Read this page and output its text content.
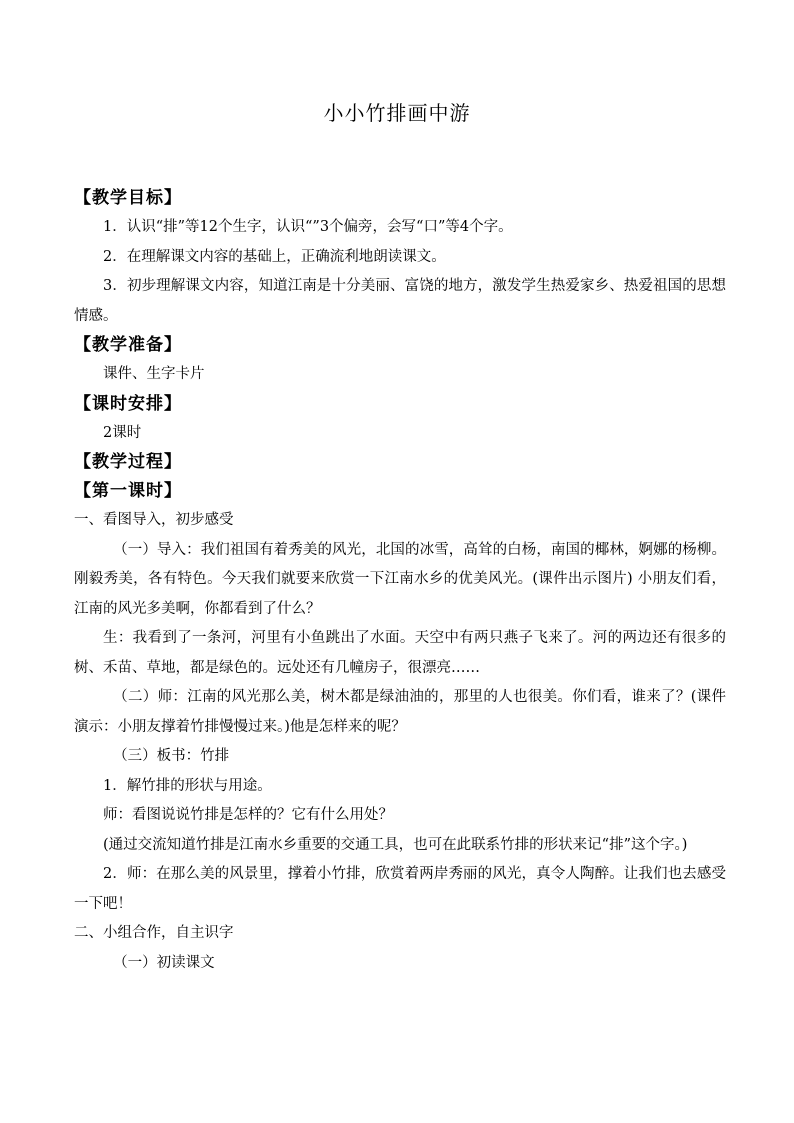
小小竹排画中游

【教学目标】

1．认识“排”等12个生字，认识“”3个偏旁，会写“口”等4个字。

2．在理解课文内容的基础上，正确流利地朗读课文。

3．初步理解课文内容，知道江南是十分美丽、富饶的地方，激发学生热爱家乡、热爱祖国的思想情感。

【教学准备】

课件、生字卡片

【课时安排】

2课时

【教学过程】

【第一课时】

一、看图导入，初步感受

（一）导入：我们祖国有着秀美的风光，北国的冰雪，高耸的白杨，南国的椰林，婀娜的杨柳。刚毅秀美，各有特色。今天我们就要来欣赏一下江南水乡的优美风光。(课件出示图片) 小朋友们看，江南的风光多美啊，你都看到了什么？

生：我看到了一条河，河里有小鱼跳出了水面。天空中有两只燕子飞来了。河的两边还有很多的树、禾苗、草地，都是绿色的。远处还有几幢房子，很漂亮……

（二）师：江南的风光那么美，树木都是绿油油的，那里的人也很美。你们看，谁来了？(课件演示：小朋友撑着竹排慢慢过来。)他是怎样来的呢？

（三）板书：竹排

1．解竹排的形状与用途。

师：看图说说竹排是怎样的？它有什么用处？

(通过交流知道竹排是江南水乡重要的交通工具，也可在此联系竹排的形状来记“排”这个字。)

2．师：在那么美的风景里，撑着小竹排，欣赏着两岸秀丽的风光，真令人陶醉。让我们也去感受一下吧！

二、小组合作，自主识字

（一）初读课文
